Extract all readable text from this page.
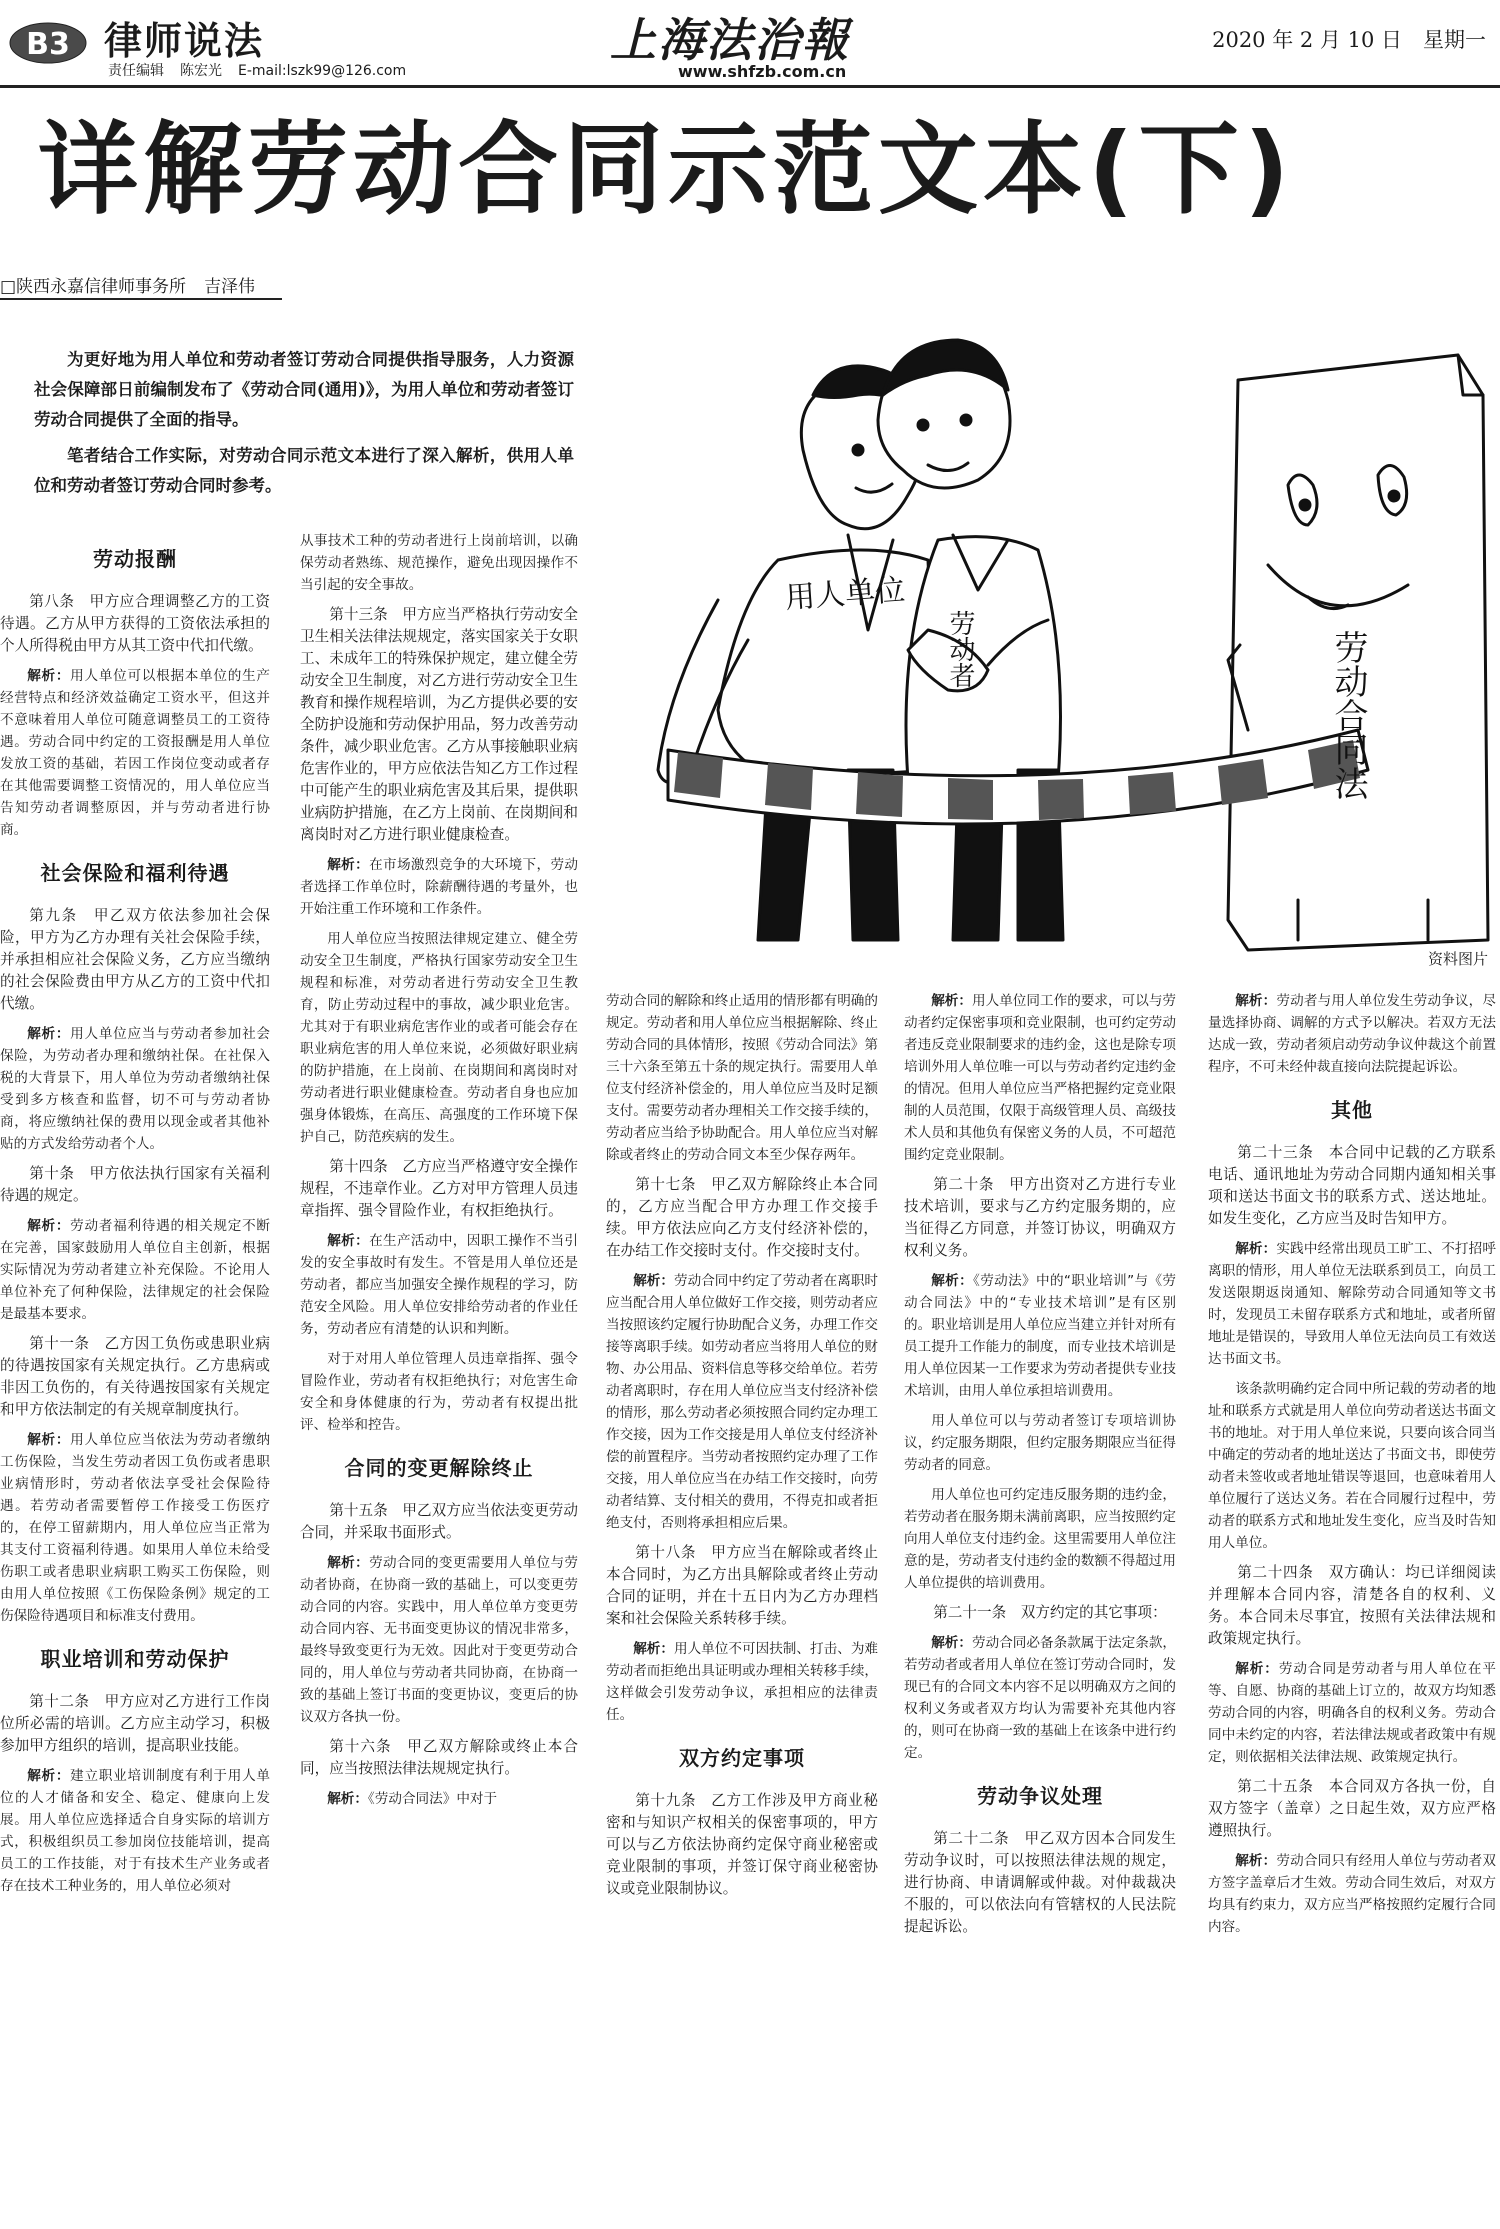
B3 律师说法
责任编辑 陈宏光 E-mail:lszk99@126.com
上海法治報
www.shfzb.com.cn
2020 年 2 月 10 日  星期一
详解劳动合同示范文本(下)
□陕西永嘉信律师事务所 吉泽伟

为更好地为用人单位和劳动者签订劳动合同提供指导服务，人力资源社会保障部日前编制发布了《劳动合同(通用)》，为用人单位和劳动者签订劳动合同提供了全面的指导。

笔者结合工作实际，对劳动合同示范文本进行了深入解析，供用人单位和劳动者签订劳动合同时参考。

用人单位
劳动者	劳动合同法
资料图片
劳动报酬

第八条　甲方应合理调整乙方的工资待遇。乙方从甲方获得的工资依法承担的个人所得税由甲方从其工资中代扣代缴。

解析：用人单位可以根据本单位的生产经营特点和经济效益确定工资水平，但这并不意味着用人单位可随意调整员工的工资待遇。劳动合同中约定的工资报酬是用人单位发放工资的基础，若因工作岗位变动或者存在其他需要调整工资情况的，用人单位应当告知劳动者调整原因，并与劳动者进行协商。

社会保险和福利待遇

第九条　甲乙双方依法参加社会保险，甲方为乙方办理有关社会保险手续，并承担相应社会保险义务，乙方应当缴纳的社会保险费由甲方从乙方的工资中代扣代缴。

解析：用人单位应当与劳动者参加社会保险，为劳动者办理和缴纳社保。在社保入税的大背景下，用人单位为劳动者缴纳社保受到多方核查和监督，切不可与劳动者协商，将应缴纳社保的费用以现金或者其他补贴的方式发给劳动者个人。

第十条　甲方依法执行国家有关福利待遇的规定。

解析：劳动者福利待遇的相关规定不断在完善，国家鼓励用人单位自主创新，根据实际情况为劳动者建立补充保险。不论用人单位补充了何种保险，法律规定的社会保险是最基本要求。

第十一条　乙方因工负伤或患职业病的待遇按国家有关规定执行。乙方患病或非因工负伤的，有关待遇按国家有关规定和甲方依法制定的有关规章制度执行。

解析：用人单位应当依法为劳动者缴纳工伤保险，当发生劳动者因工负伤或者患职业病情形时，劳动者依法享受社会保险待遇。若劳动者需要暂停工作接受工伤医疗的，在停工留薪期内，用人单位应当正常为其支付工资福利待遇。如果用人单位未给受伤职工或者患职业病职工购买工伤保险，则由用人单位按照《工伤保险条例》规定的工伤保险待遇项目和标准支付费用。

职业培训和劳动保护

第十二条　甲方应对乙方进行工作岗位所必需的培训。乙方应主动学习，积极参加甲方组织的培训，提高职业技能。

解析：建立职业培训制度有利于用人单位的人才储备和安全、稳定、健康向上发展。用人单位应选择适合自身实际的培训方式，积极组织员工参加岗位技能培训，提高员工的工作技能，对于有技术生产业务或者存在技术工种业务的，用人单位必须对

从事技术工种的劳动者进行上岗前培训，以确保劳动者熟练、规范操作，避免出现因操作不当引起的安全事故。

第十三条　甲方应当严格执行劳动安全卫生相关法律法规规定，落实国家关于女职工、未成年工的特殊保护规定，建立健全劳动安全卫生制度，对乙方进行劳动安全卫生教育和操作规程培训，为乙方提供必要的安全防护设施和劳动保护用品，努力改善劳动条件，减少职业危害。乙方从事接触职业病危害作业的，甲方应依法告知乙方工作过程中可能产生的职业病危害及其后果，提供职业病防护措施，在乙方上岗前、在岗期间和离岗时对乙方进行职业健康检查。

解析：在市场激烈竞争的大环境下，劳动者选择工作单位时，除薪酬待遇的考量外，也开始注重工作环境和工作条件。

用人单位应当按照法律规定建立、健全劳动安全卫生制度，严格执行国家劳动安全卫生规程和标准，对劳动者进行劳动安全卫生教育，防止劳动过程中的事故，减少职业危害。尤其对于有职业病危害作业的或者可能会存在职业病危害的用人单位来说，必须做好职业病的防护措施，在上岗前、在岗期间和离岗时对劳动者进行职业健康检查。劳动者自身也应加强身体锻炼，在高压、高强度的工作环境下保护自己，防范疾病的发生。

第十四条　乙方应当严格遵守安全操作规程，不违章作业。乙方对甲方管理人员违章指挥、强令冒险作业，有权拒绝执行。

解析：在生产活动中，因职工操作不当引发的安全事故时有发生。不管是用人单位还是劳动者，都应当加强安全操作规程的学习，防范安全风险。用人单位安排给劳动者的作业任务，劳动者应有清楚的认识和判断。

对于对用人单位管理人员违章指挥、强令冒险作业，劳动者有权拒绝执行；对危害生命安全和身体健康的行为，劳动者有权提出批评、检举和控告。

合同的变更解除终止

第十五条　甲乙双方应当依法变更劳动合同，并采取书面形式。

解析：劳动合同的变更需要用人单位与劳动者协商，在协商一致的基础上，可以变更劳动合同的内容。实践中，用人单位单方变更劳动合同内容、无书面变更协议的情况非常多，最终导致变更行为无效。因此对于变更劳动合同的，用人单位与劳动者共同协商，在协商一致的基础上签订书面的变更协议，变更后的协议双方各执一份。

第十六条　甲乙双方解除或终止本合同，应当按照法律法规规定执行。

解析：《劳动合同法》中对于

劳动合同的解除和终止适用的情形都有明确的规定。劳动者和用人单位应当根据解除、终止劳动合同的具体情形，按照《劳动合同法》第三十六条至第五十条的规定执行。需要用人单位支付经济补偿金的，用人单位应当及时足额支付。需要劳动者办理相关工作交接手续的，劳动者应当给予协助配合。用人单位应当对解除或者终止的劳动合同文本至少保存两年。

第十七条　甲乙双方解除终止本合同的，乙方应当配合甲方办理工作交接手续。甲方依法应向乙方支付经济补偿的，在办结工作交接时支付。作交接时支付。

解析：劳动合同中约定了劳动者在离职时应当配合用人单位做好工作交接，则劳动者应当按照该约定履行协助配合义务，办理工作交接等离职手续。如劳动者应当将用人单位的财物、办公用品、资料信息等移交给单位。若劳动者离职时，存在用人单位应当支付经济补偿的情形，那么劳动者必须按照合同约定办理工作交接，因为工作交接是用人单位支付经济补偿的前置程序。当劳动者按照约定办理了工作交接，用人单位应当在办结工作交接时，向劳动者结算、支付相关的费用，不得克扣或者拒绝支付，否则将承担相应后果。

第十八条　甲方应当在解除或者终止本合同时，为乙方出具解除或者终止劳动合同的证明，并在十五日内为乙方办理档案和社会保险关系转移手续。

解析：用人单位不可因扶制、打击、为难劳动者而拒绝出具证明或办理相关转移手续，这样做会引发劳动争议，承担相应的法律责任。

双方约定事项

第十九条　乙方工作涉及甲方商业秘密和与知识产权相关的保密事项的，甲方可以与乙方依法协商约定保守商业秘密或竞业限制的事项，并签订保守商业秘密协议或竞业限制协议。

解析：用人单位同工作的要求，可以与劳动者约定保密事项和竞业限制，也可约定劳动者违反竞业限制要求的违约金，这也是除专项培训外用人单位唯一可以与劳动者约定违约金的情况。但用人单位应当严格把握约定竞业限制的人员范围，仅限于高级管理人员、高级技术人员和其他负有保密义务的人员，不可超范围约定竞业限制。

第二十条　甲方出资对乙方进行专业技术培训，要求与乙方约定服务期的，应当征得乙方同意，并签订协议，明确双方权利义务。

解析：《劳动法》中的“职业培训”与《劳动合同法》中的“专业技术培训”是有区别的。职业培训是用人单位应当建立并针对所有员工提升工作能力的制度，而专业技术培训是用人单位因某一工作要求为劳动者提供专业技术培训，由用人单位承担培训费用。

用人单位可以与劳动者签订专项培训协议，约定服务期限，但约定服务期限应当征得劳动者的同意。

用人单位也可约定违反服务期的违约金，若劳动者在服务期未满前离职，应当按照约定向用人单位支付违约金。这里需要用人单位注意的是，劳动者支付违约金的数额不得超过用人单位提供的培训费用。

第二十一条　双方约定的其它事项：

解析：劳动合同必备条款属于法定条款，若劳动者或者用人单位在签订劳动合同时，发现已有的合同文本内容不足以明确双方之间的权利义务或者双方均认为需要补充其他内容的，则可在协商一致的基础上在该条中进行约定。

劳动争议处理

第二十二条　甲乙双方因本合同发生劳动争议时，可以按照法律法规的规定，进行协商、申请调解或仲裁。对仲裁裁决不服的，可以依法向有管辖权的人民法院提起诉讼。

解析：劳动者与用人单位发生劳动争议，尽量选择协商、调解的方式予以解决。若双方无法达成一致，劳动者须启动劳动争议仲裁这个前置程序，不可未经仲裁直接向法院提起诉讼。

其他

第二十三条　本合同中记载的乙方联系电话、通讯地址为劳动合同期内通知相关事项和送达书面文书的联系方式、送达地址。如发生变化，乙方应当及时告知甲方。

解析：实践中经常出现员工旷工、不打招呼离职的情形，用人单位无法联系到员工，向员工发送限期返岗通知、解除劳动合同通知等文书时，发现员工未留存联系方式和地址，或者所留地址是错误的，导致用人单位无法向员工有效送达书面文书。

该条款明确约定合同中所记载的劳动者的地址和联系方式就是用人单位向劳动者送达书面文书的地址。对于用人单位来说，只要向该合同当中确定的劳动者的地址送达了书面文书，即使劳动者未签收或者地址错误等退回，也意味着用人单位履行了送达义务。若在合同履行过程中，劳动者的联系方式和地址发生变化，应当及时告知用人单位。

第二十四条　双方确认：均已详细阅读并理解本合同内容，清楚各自的权利、义务。本合同未尽事宜，按照有关法律法规和政策规定执行。

解析：劳动合同是劳动者与用人单位在平等、自愿、协商的基础上订立的，故双方均知悉劳动合同的内容，明确各自的权利义务。劳动合同中未约定的内容，若法律法规或者政策中有规定，则依据相关法律法规、政策规定执行。

第二十五条　本合同双方各执一份，自双方签字（盖章）之日起生效，双方应严格遵照执行。

解析：劳动合同只有经用人单位与劳动者双方签字盖章后才生效。劳动合同生效后，对双方均具有约束力，双方应当严格按照约定履行合同内容。
